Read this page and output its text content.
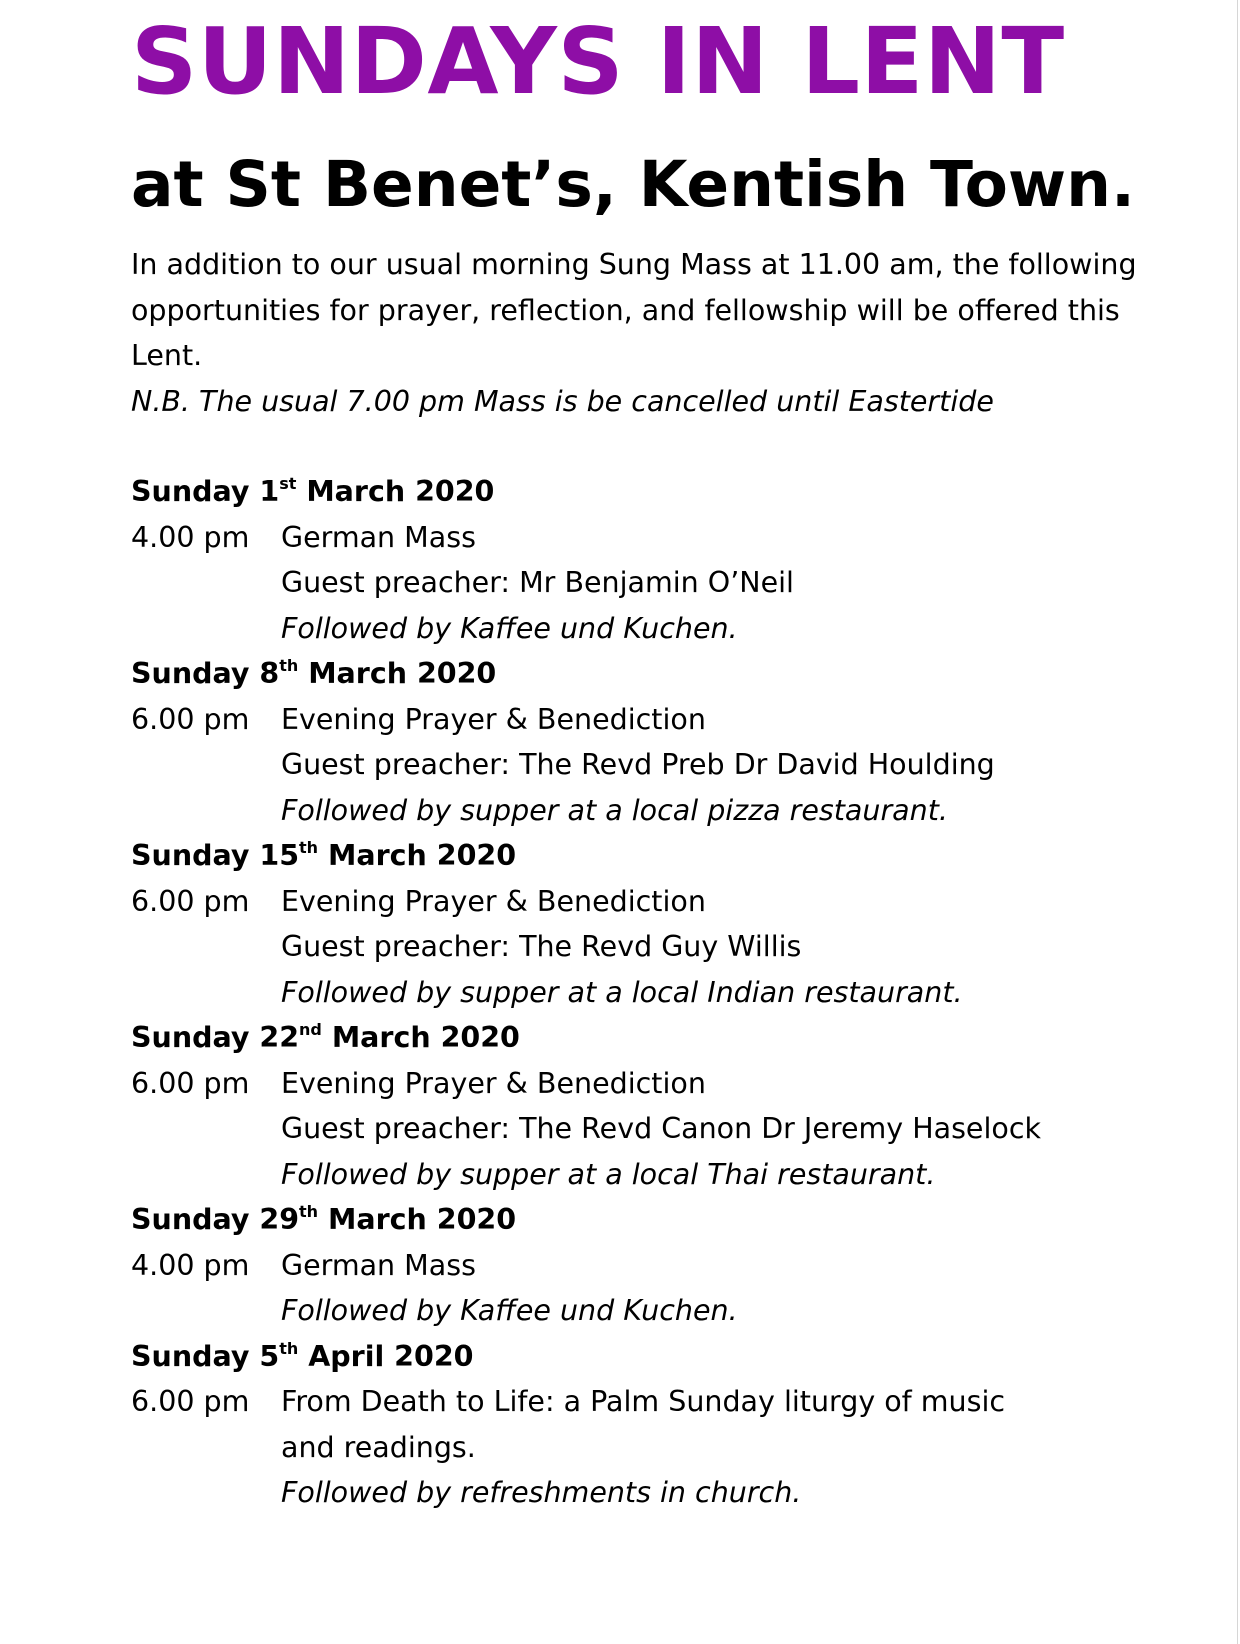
SUNDAYS IN LENT
at St Benet’s, Kentish Town.

In addition to our usual morning Sung Mass at 11.00 am, the following opportunities for prayer, reflection, and fellowship will be offered this Lent.

N.B. The usual 7.00 pm Mass is be cancelled until Eastertide

Sunday 1st March 2020
4.00 pm	German Mass

Guest preacher: Mr Benjamin O’Neil

Followed by Kaffee und Kuchen.

Sunday 8th March 2020
6.00 pm	Evening Prayer & Benediction

Guest preacher: The Revd Preb Dr David Houlding

Followed by supper at a local pizza restaurant.

Sunday 15th March 2020
6.00 pm	Evening Prayer & Benediction

Guest preacher: The Revd Guy Willis

Followed by supper at a local Indian restaurant.

Sunday 22nd March 2020
6.00 pm	Evening Prayer & Benediction

Guest preacher: The Revd Canon Dr Jeremy Haselock

Followed by supper at a local Thai restaurant.

Sunday 29th March 2020
4.00 pm	German Mass

Followed by Kaffee und Kuchen.

Sunday 5th April 2020
6.00 pm	From Death to Life: a Palm Sunday liturgy of music

and readings.

Followed by refreshments in church.
